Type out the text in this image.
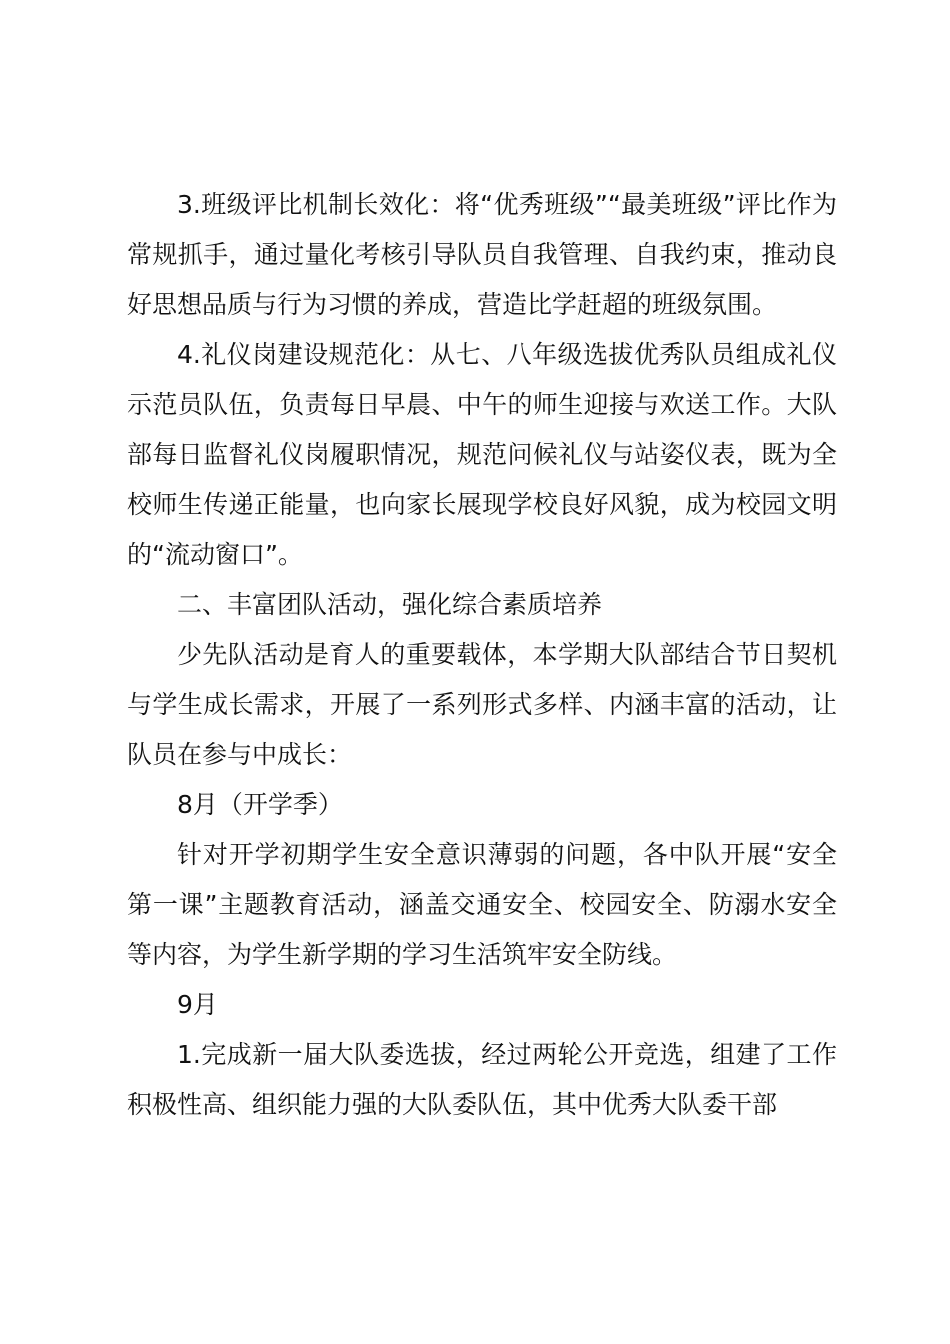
3.班级评比机制长效化：将“优秀班级”“最美班级”评比作为常规抓手，通过量化考核引导队员自我管理、自我约束，推动良好思想品质与行为习惯的养成，营造比学赶超的班级氛围。

4.礼仪岗建设规范化：从七、八年级选拔优秀队员组成礼仪示范员队伍，负责每日早晨、中午的师生迎接与欢送工作。大队部每日监督礼仪岗履职情况，规范问候礼仪与站姿仪表，既为全校师生传递正能量，也向家长展现学校良好风貌，成为校园文明的“流动窗口”。

二、丰富团队活动，强化综合素质培养

少先队活动是育人的重要载体，本学期大队部结合节日契机与学生成长需求，开展了一系列形式多样、内涵丰富的活动，让队员在参与中成长：

8月（开学季）

针对开学初期学生安全意识薄弱的问题，各中队开展“安全第一课”主题教育活动，涵盖交通安全、校园安全、防溺水安全等内容，为学生新学期的学习生活筑牢安全防线。

9月

1.完成新一届大队委选拔，经过两轮公开竞选，组建了工作积极性高、组织能力强的大队委队伍，其中优秀大队委干部
